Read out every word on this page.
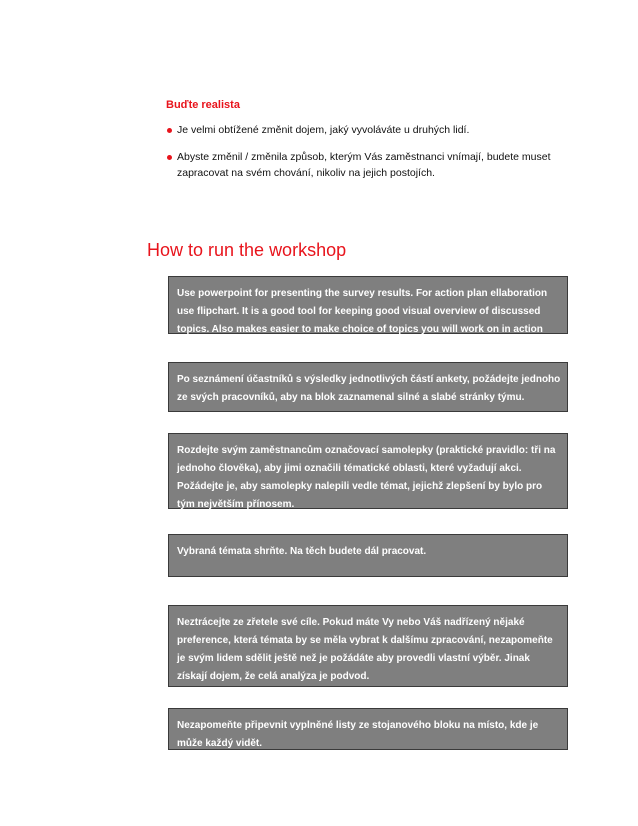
Buďte realista
Je velmi obtížené změnit dojem, jaký vyvoláváte u druhých lidí.
Abyste změnil / změnila způsob, kterým Vás zaměstnanci vnímají, budete muset zapracovat na svém chování, nikoliv na jejich postojích.
How to run the workshop
Use powerpoint for presenting the survey results. For action plan ellaboration use flipchart. It is a good tool for keeping good visual overview of discussed topics. Also makes easier to make choice of topics you will work on in action plan
Po seznámení účastníků s výsledky jednotlivých částí ankety, požádejte jednoho ze svých pracovníků, aby na blok zaznamenal silné a slabé stránky týmu.
Rozdejte svým zaměstnancům označovací samolepky (praktické pravidlo: tři na jednoho člověka), aby jimi označili tématické oblasti, které vyžadují akci. Požádejte je, aby samolepky nalepili vedle témat, jejichž zlepšení by bylo pro tým největším přínosem.
Vybraná témata shrňte. Na těch budete dál pracovat.
Neztrácejte ze zřetele své cíle. Pokud máte Vy nebo Váš nadřízený nějaké preference, která témata by se měla vybrat k dalšímu zpracování, nezapomeňte je svým lidem sdělit ještě než je požádáte aby provedli vlastní výběr. Jinak získají dojem, že celá analýza je podvod.
Nezapomeňte připevnit vyplněné listy ze stojanového bloku na místo, kde je může každý vidět.
